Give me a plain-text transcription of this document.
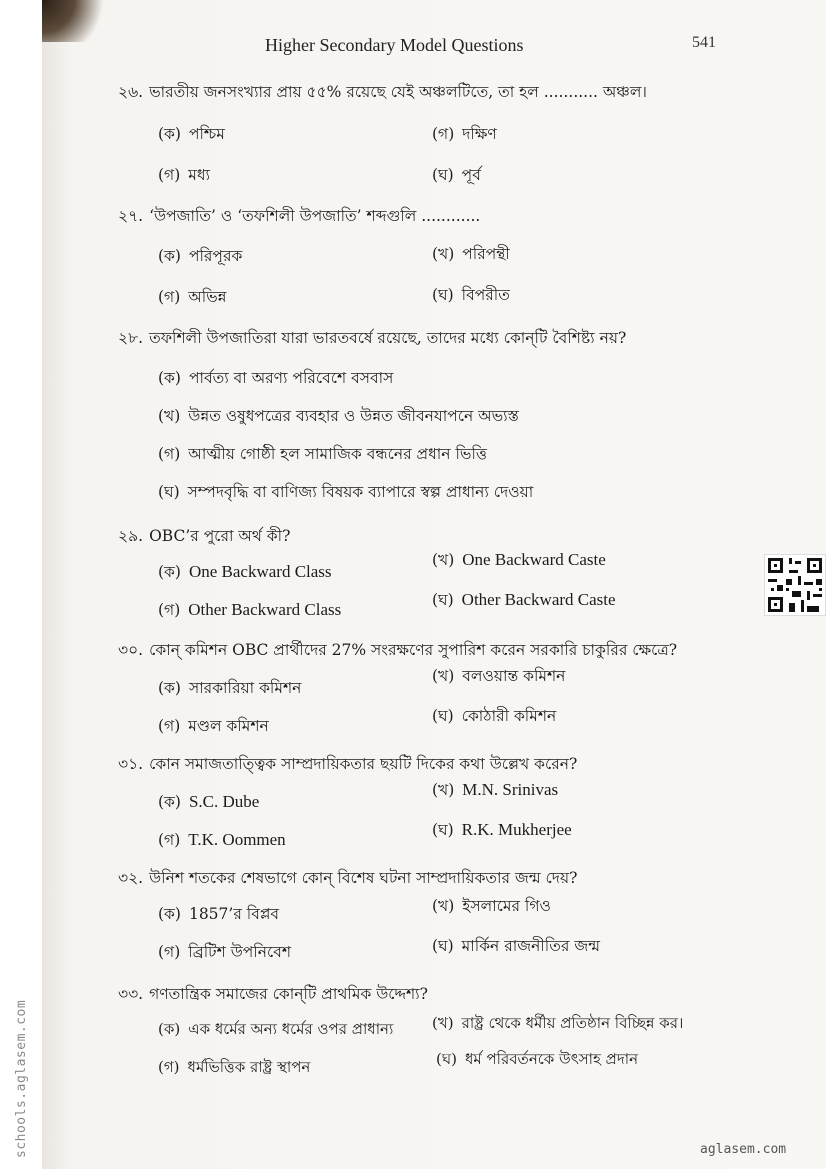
Higher Secondary Model Questions	541
২৬. ভারতীয় জনসংখ্যার প্রায় ৫৫% রয়েছে যেই অঞ্চলটিতে, তা হল ........... অঞ্চল।
(ক) পশ্চিম	(গ) দক্ষিণ
(গ) মধ্য	(ঘ) পূর্ব
২৭. ‘উপজাতি’ ও ‘তফশিলী উপজাতি’ শব্দগুলি ............
(ক) পরিপূরক	(খ) পরিপন্থী
(গ) অভিন্ন	(ঘ) বিপরীত
২৮. তফশিলী উপজাতিরা যারা ভারতবর্ষে রয়েছে, তাদের মধ্যে কোন্‌টি বৈশিষ্ট্য নয়?
(ক) পার্বত্য বা অরণ্য পরিবেশে বসবাস
(খ) উন্নত ওষুধপত্রের ব্যবহার ও উন্নত জীবনযাপনে অভ্যস্ত
(গ) আত্মীয় গোষ্ঠী হল সামাজিক বন্ধনের প্রধান ভিত্তি
(ঘ) সম্পদবৃদ্ধি বা বাণিজ্য বিষয়ক ব্যাপারে স্বল্প প্রাধান্য দেওয়া
২৯. OBC’র পুরো অর্থ কী?
(ক) One Backward Class
(খ) One Backward Caste
(গ) Other Backward Class	(ঘ) Other Backward Caste
৩০. কোন্‌ কমিশন OBC প্রার্থীদের 27% সংরক্ষণের সুপারিশ করেন সরকারি চাকুরির ক্ষেত্রে?
(ক) সারকারিয়া কমিশন
(খ) বলওয়ান্ত কমিশন
(গ) মণ্ডল কমিশন
(ঘ) কোঠারী কমিশন
৩১. কোন সমাজতাত্ত্বিক সাম্প্রদায়িকতার ছয়টি দিকের কথা উল্লেখ করেন?
(ক) S.C. Dube
(খ) M.N. Srinivas
(গ) T.K. Oommen	(ঘ) R.K. Mukherjee
৩২. উনিশ শতকের শেষভাগে কোন্‌ বিশেষ ঘটনা সাম্প্রদায়িকতার জন্ম দেয়?
(ক) 1857’র বিপ্লব	(খ) ইসলামের গিও
(গ) ব্রিটিশ উপনিবেশ	(ঘ) মার্কিন রাজনীতির জন্ম
৩৩. গণতান্ত্রিক সমাজের কোন্‌টি প্রাথমিক উদ্দেশ্য?
(ক) এক ধর্মের অন্য ধর্মের ওপর প্রাধান্য	(খ) রাষ্ট্র থেকে ধর্মীয় প্রতিষ্ঠান বিচ্ছিন্ন কর।
(গ) ধর্মভিত্তিক রাষ্ট্র স্থাপন	(ঘ) ধর্ম পরিবর্তনকে উৎসাহ প্রদান
schools.aglasem.com	aglasem.com
